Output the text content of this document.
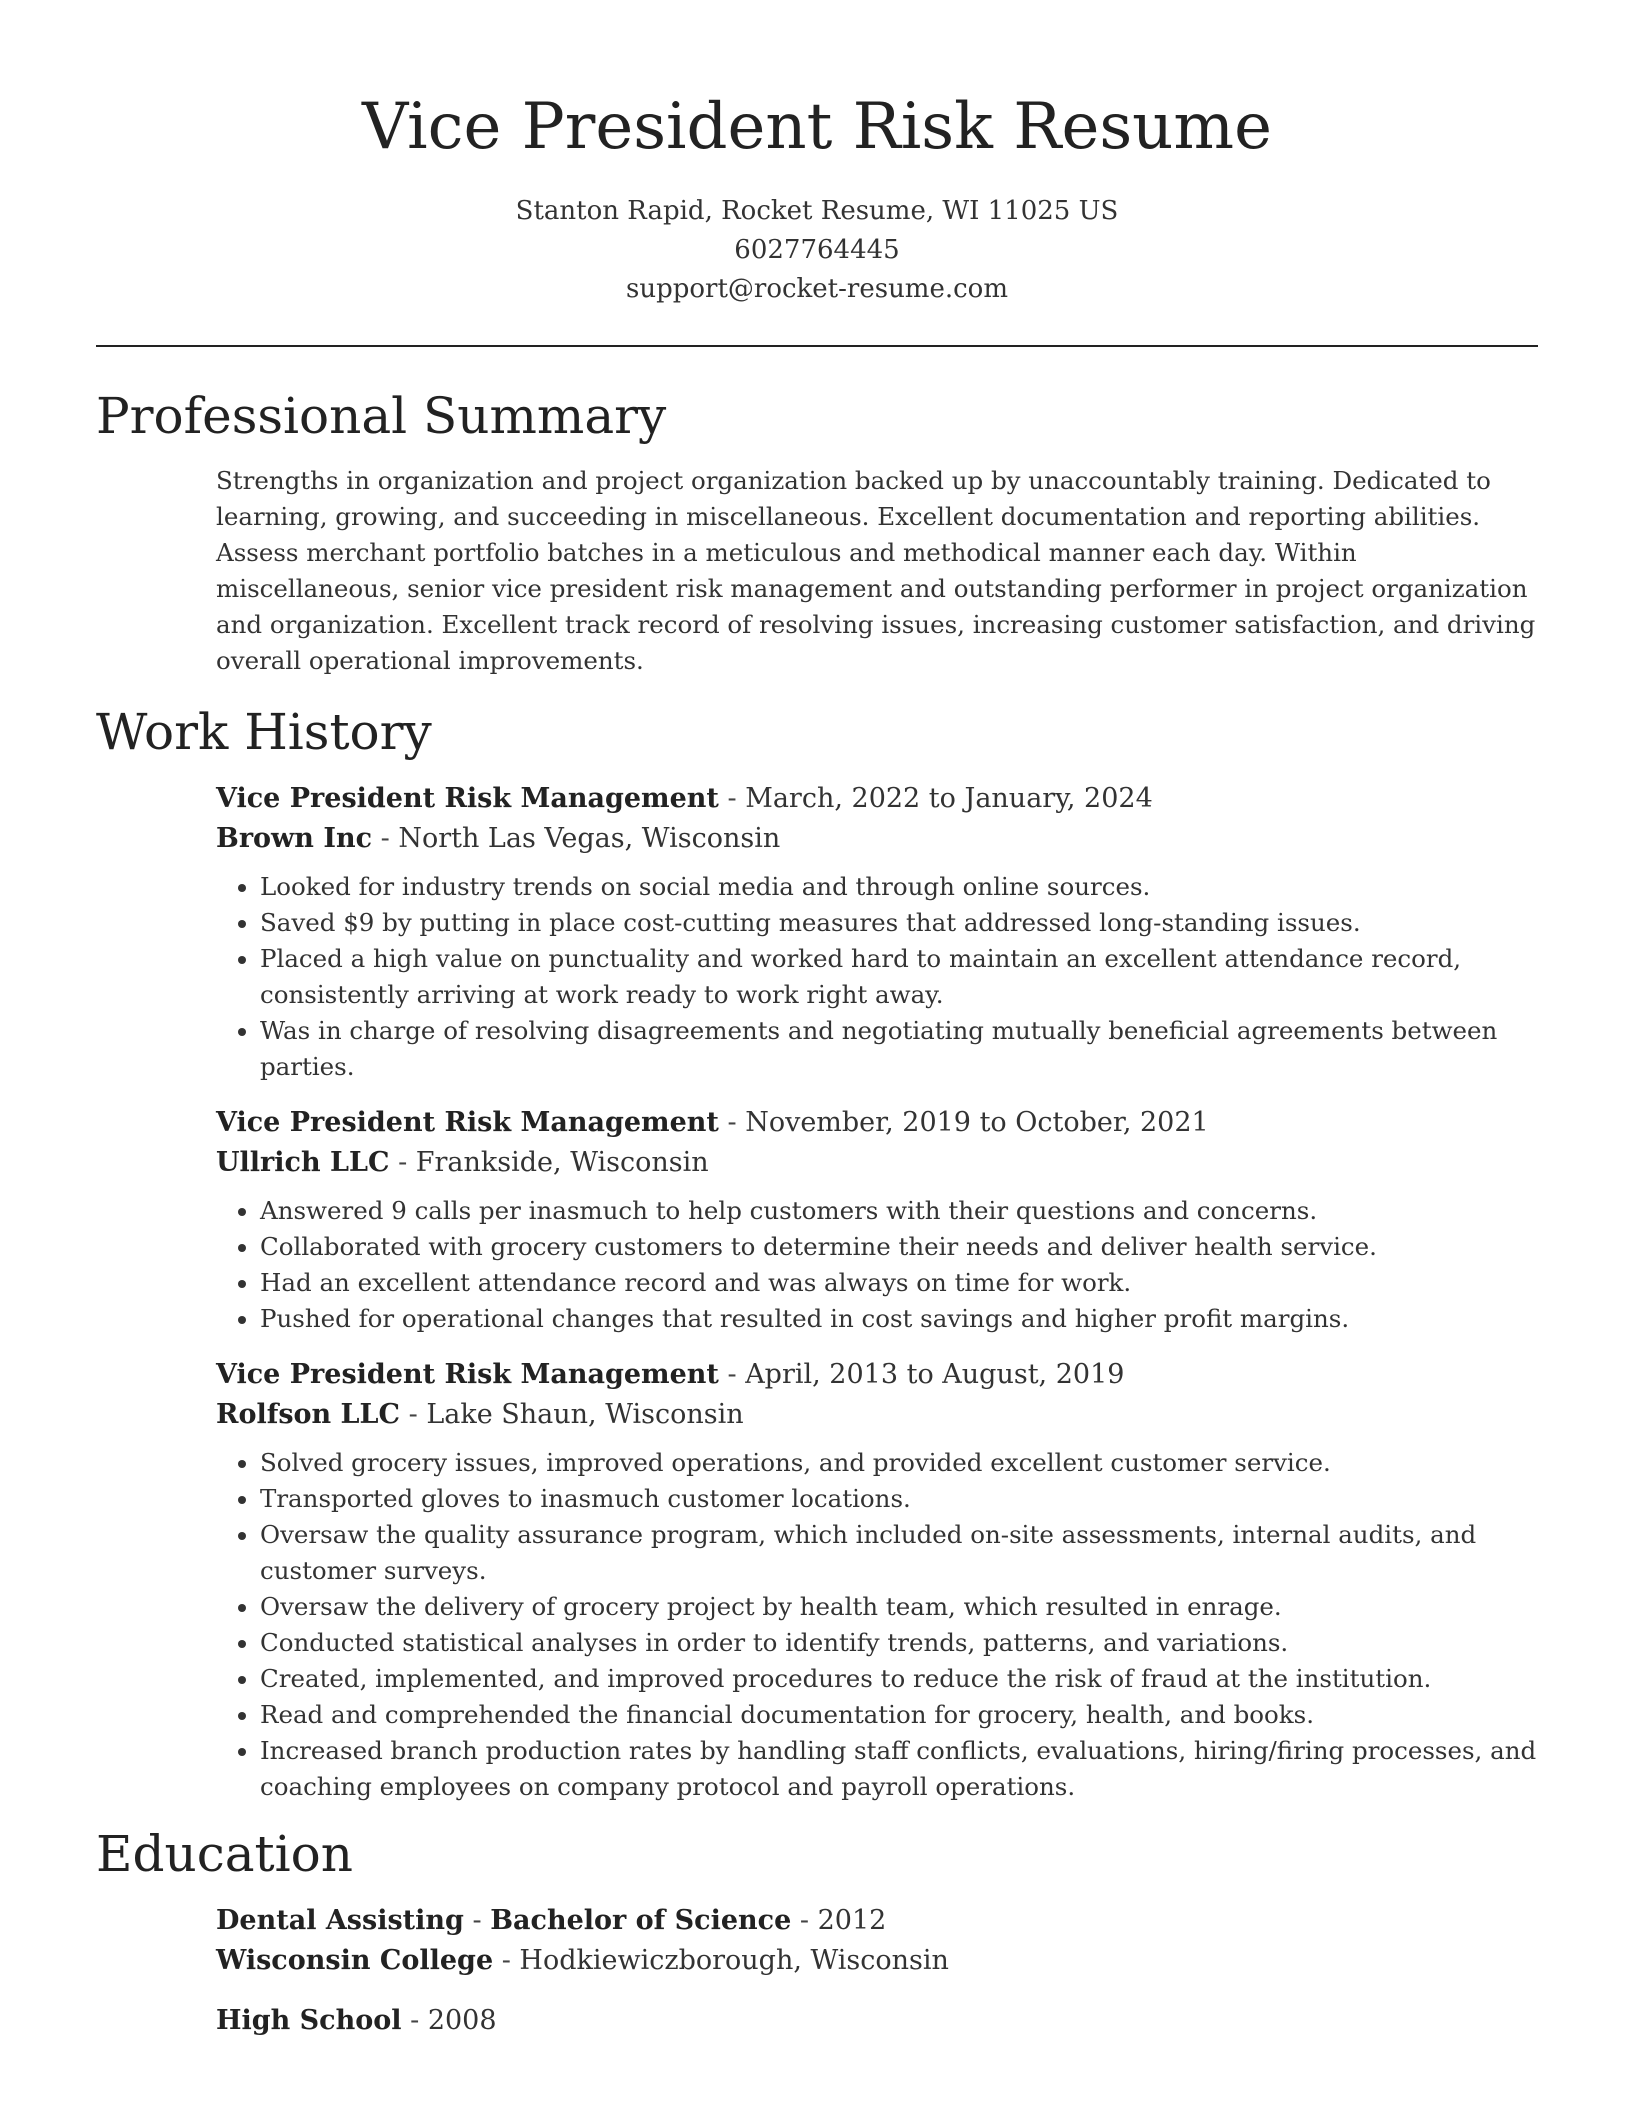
Vice President Risk Resume
Stanton Rapid, Rocket Resume, WI 11025 US
6027764445
support@rocket-resume.com
Professional Summary

Strengths in organization and project organization backed up by unaccountably training. Dedicated to learning, growing, and succeeding in miscellaneous. Excellent documentation and reporting abilities. Assess merchant portfolio batches in a meticulous and methodical manner each day. Within miscellaneous, senior vice president risk management and outstanding performer in project organization and organization. Excellent track record of resolving issues, increasing customer satisfaction, and driving overall operational improvements.

Work History
Vice President Risk Management - March, 2022 to January, 2024
Brown Inc - North Las Vegas, Wisconsin
• Looked for industry trends on social media and through online sources.
• Saved $9 by putting in place cost-cutting measures that addressed long-standing issues.
• Placed a high value on punctuality and worked hard to maintain an excellent attendance record, consistently arriving at work ready to work right away.
• Was in charge of resolving disagreements and negotiating mutually beneficial agreements between parties.
Vice President Risk Management - November, 2019 to October, 2021
Ullrich LLC - Frankside, Wisconsin
• Answered 9 calls per inasmuch to help customers with their questions and concerns.
• Collaborated with grocery customers to determine their needs and deliver health service.
• Had an excellent attendance record and was always on time for work.
• Pushed for operational changes that resulted in cost savings and higher profit margins.
Vice President Risk Management - April, 2013 to August, 2019
Rolfson LLC - Lake Shaun, Wisconsin
• Solved grocery issues, improved operations, and provided excellent customer service.
• Transported gloves to inasmuch customer locations.
• Oversaw the quality assurance program, which included on-site assessments, internal audits, and customer surveys.
• Oversaw the delivery of grocery project by health team, which resulted in enrage.
• Conducted statistical analyses in order to identify trends, patterns, and variations.
• Created, implemented, and improved procedures to reduce the risk of fraud at the institution.
• Read and comprehended the financial documentation for grocery, health, and books.
• Increased branch production rates by handling staff conflicts, evaluations, hiring/firing processes, and coaching employees on company protocol and payroll operations.
Education
Dental Assisting - Bachelor of Science - 2012
Wisconsin College - Hodkiewiczborough, Wisconsin
High School - 2008
